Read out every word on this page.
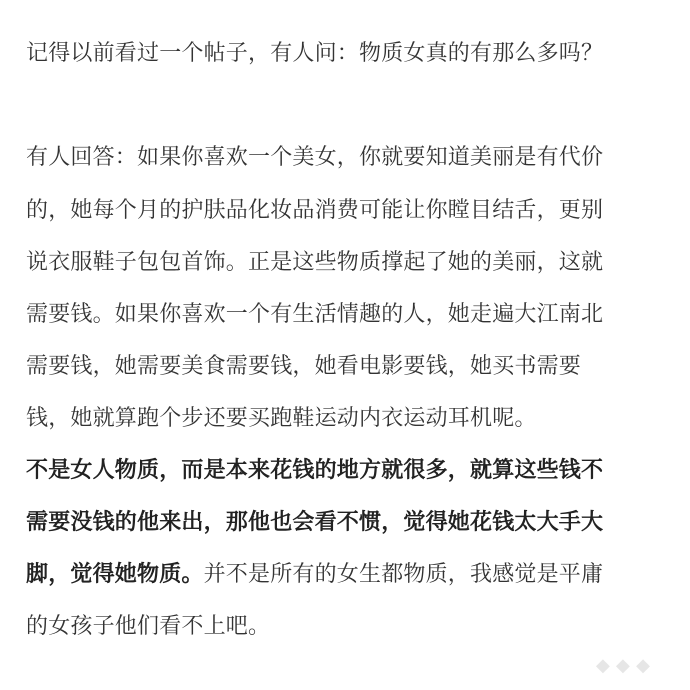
记得以前看过一个帖子，有人问：物质女真的有那么多吗？
有人回答：如果你喜欢一个美女，你就要知道美丽是有代价
的，她每个月的护肤品化妆品消费可能让你瞠目结舌，更别
说衣服鞋子包包首饰。正是这些物质撑起了她的美丽，这就
需要钱。如果你喜欢一个有生活情趣的人，她走遍大江南北
需要钱，她需要美食需要钱，她看电影要钱，她买书需要
钱，她就算跑个步还要买跑鞋运动内衣运动耳机呢。
不是女人物质，而是本来花钱的地方就很多，就算这些钱不
需要没钱的他来出，那他也会看不惯，觉得她花钱太大手大
脚，觉得她物质。并不是所有的女生都物质，我感觉是平庸
的女孩子他们看不上吧。
◆ ◆ ◆
